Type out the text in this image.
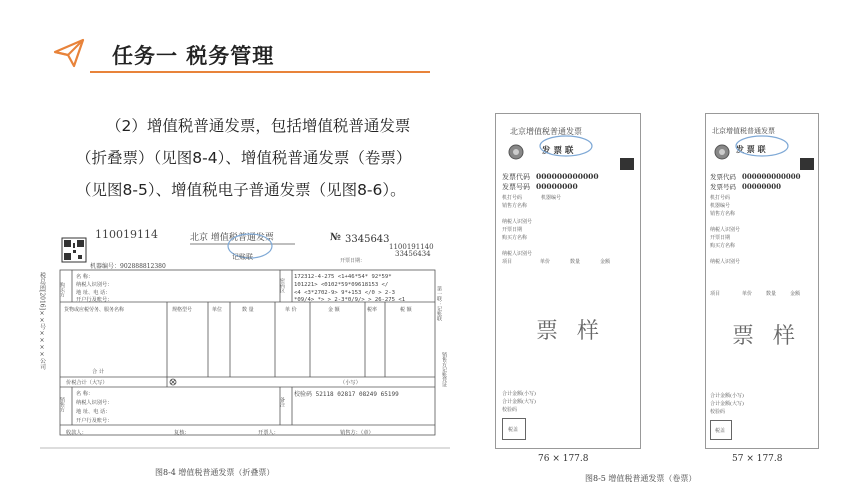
任务一 税务管理
（2）增值税普通发票，包括增值税普通发票
（折叠票）（见图8-4）、增值税普通发票（卷票）
（见图8-5）、增值税电子普通发票（见图8-6）。
110019114	北京 增值税普通发票	№ 3345643
1100191140
33456434
记账联	开票日期：
机器编号：902888812380
税总函[2016]××号××××公司	购买方
名 称：
纳税人识别号：
地 址、电 话：
开户行及账号：
密码区
172312-4-275 <1+46*54* 92*59*
101221> <0102*59*09618153 </
<4 <3*2702-9> 9*+153 </0 > 2-3
*09/4> *> > 2-3*0/9/> > 26-275 <1
货物或应税劳务、服务名称	规格型号	单位	数 量	单 价	金 额	税率	税 额
合 计
价税合计（大写）	（小写）
销售方
名 称：
纳税人识别号：
地 址、电 话：
开户行及账号：
备注
校验码 52118 02817 08249 65199
收款人：	复核：	开票人：	销售方：（章）
第一联：记账联
销售方记账凭证
图8-4 增值税普通发票（折叠票）
北京增值税普通发票
发 票 联
发票代码 000000000000
发票号码 00000000
机打号码	机器编号
销售方名称
纳税人识别号
开票日期
购买方名称
纳税人识别号
项目	单价	数量	金额
票 样
合计金额(小写)
合计金额(大写)
校验码
税盖
76 × 177.8
北京增值税普通发票
发 票 联
发票代码 000000000000
发票号码 00000000
机打号码
机器编号
销售方名称
纳税人识别号
开票日期
购买方名称
纳税人识别号
项目	单价	数量	金额
票 样
合计金额(小写)
合计金额(大写)
校验码
税盖
57 × 177.8
图8-5 增值税普通发票（卷票）
